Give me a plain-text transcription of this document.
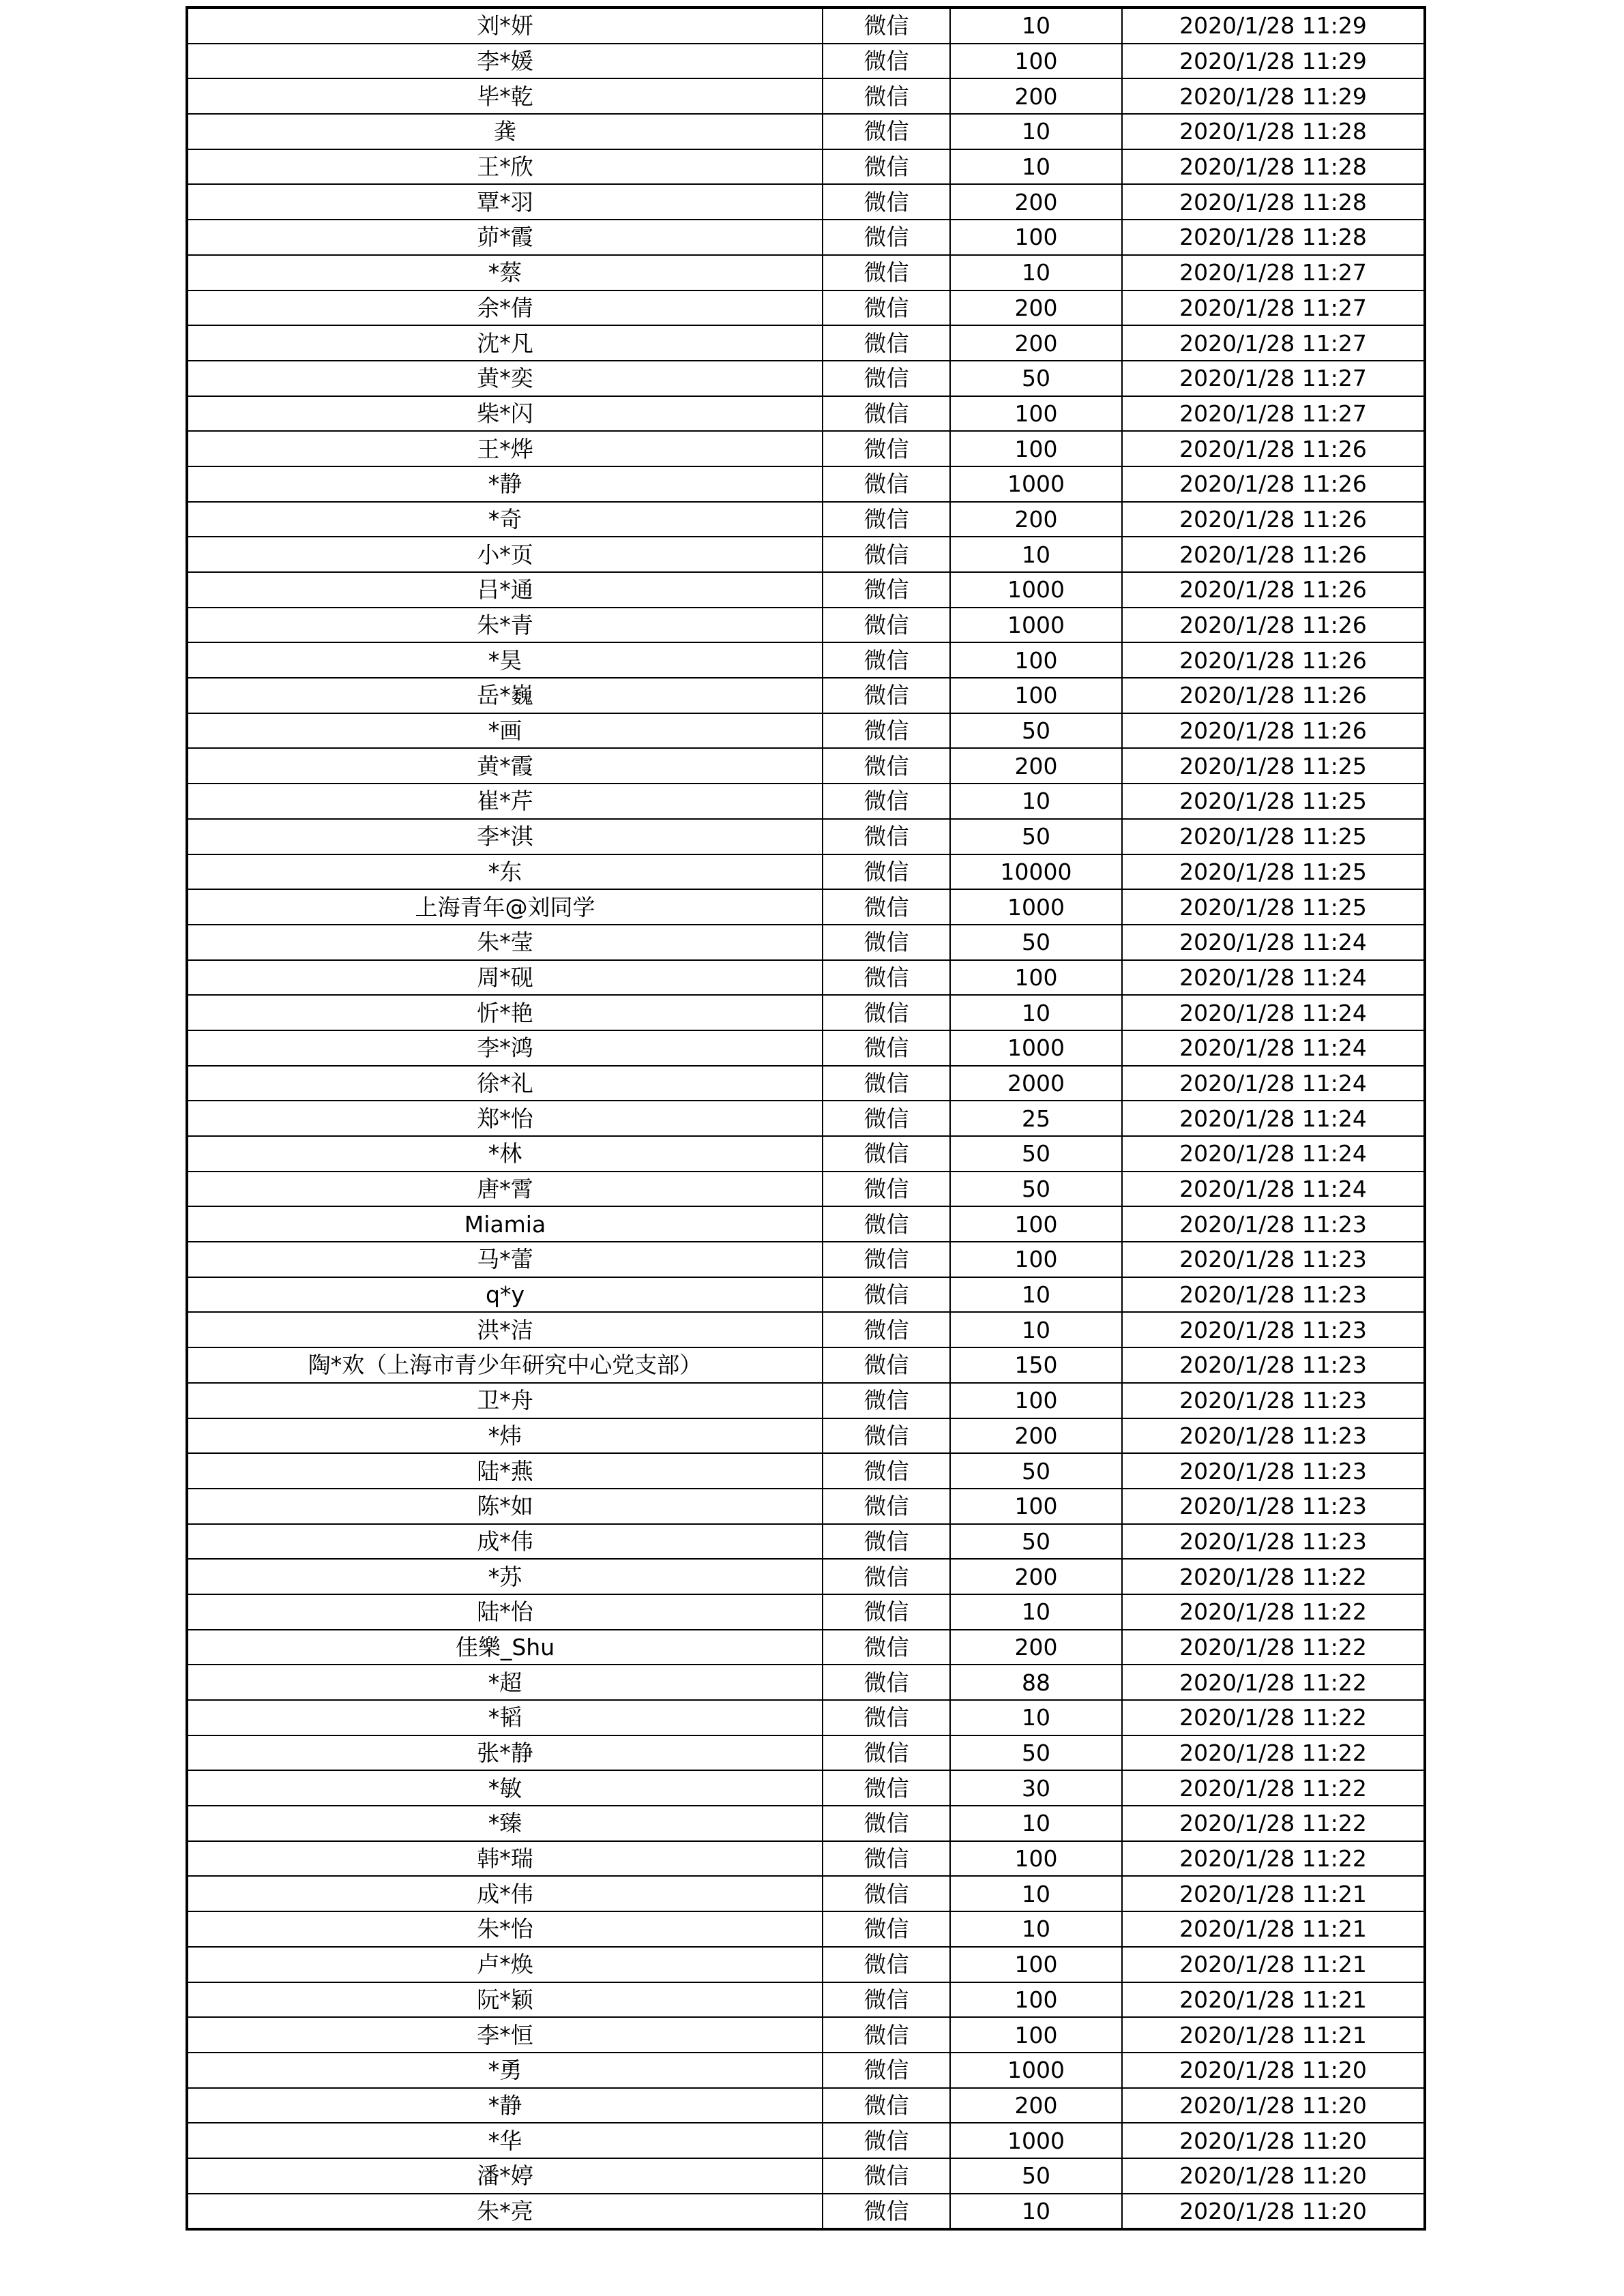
刘*妍	微信	10	2020/1/28 11:29
李*媛	微信	100	2020/1/28 11:29
毕*乾	微信	200	2020/1/28 11:29
龚	微信	10	2020/1/28 11:28
王*欣	微信	10	2020/1/28 11:28
覃*羽	微信	200	2020/1/28 11:28
茆*霞	微信	100	2020/1/28 11:28
*蔡	微信	10	2020/1/28 11:27
余*倩	微信	200	2020/1/28 11:27
沈*凡	微信	200	2020/1/28 11:27
黄*奕	微信	50	2020/1/28 11:27
柴*闪	微信	100	2020/1/28 11:27
王*烨	微信	100	2020/1/28 11:26
*静	微信	1000	2020/1/28 11:26
*奇	微信	200	2020/1/28 11:26
小*页	微信	10	2020/1/28 11:26
吕*通	微信	1000	2020/1/28 11:26
朱*青	微信	1000	2020/1/28 11:26
*昊	微信	100	2020/1/28 11:26
岳*巍	微信	100	2020/1/28 11:26
*画	微信	50	2020/1/28 11:26
黄*霞	微信	200	2020/1/28 11:25
崔*芹	微信	10	2020/1/28 11:25
李*淇	微信	50	2020/1/28 11:25
*东	微信	10000	2020/1/28 11:25
上海青年@刘同学	微信	1000	2020/1/28 11:25
朱*莹	微信	50	2020/1/28 11:24
周*砚	微信	100	2020/1/28 11:24
忻*艳	微信	10	2020/1/28 11:24
李*鸿	微信	1000	2020/1/28 11:24
徐*礼	微信	2000	2020/1/28 11:24
郑*怡	微信	25	2020/1/28 11:24
*林	微信	50	2020/1/28 11:24
唐*霄	微信	50	2020/1/28 11:24
Miamia	微信	100	2020/1/28 11:23
马*蕾	微信	100	2020/1/28 11:23
q*y	微信	10	2020/1/28 11:23
洪*洁	微信	10	2020/1/28 11:23
陶*欢（上海市青少年研究中心党支部）	微信	150	2020/1/28 11:23
卫*舟	微信	100	2020/1/28 11:23
*炜	微信	200	2020/1/28 11:23
陆*燕	微信	50	2020/1/28 11:23
陈*如	微信	100	2020/1/28 11:23
成*伟	微信	50	2020/1/28 11:23
*苏	微信	200	2020/1/28 11:22
陆*怡	微信	10	2020/1/28 11:22
佳樂_Shu	微信	200	2020/1/28 11:22
*超	微信	88	2020/1/28 11:22
*韬	微信	10	2020/1/28 11:22
张*静	微信	50	2020/1/28 11:22
*敏	微信	30	2020/1/28 11:22
*臻	微信	10	2020/1/28 11:22
韩*瑞	微信	100	2020/1/28 11:22
成*伟	微信	10	2020/1/28 11:21
朱*怡	微信	10	2020/1/28 11:21
卢*焕	微信	100	2020/1/28 11:21
阮*颖	微信	100	2020/1/28 11:21
李*恒	微信	100	2020/1/28 11:21
*勇	微信	1000	2020/1/28 11:20
*静	微信	200	2020/1/28 11:20
*华	微信	1000	2020/1/28 11:20
潘*婷	微信	50	2020/1/28 11:20
朱*亮	微信	10	2020/1/28 11:20
